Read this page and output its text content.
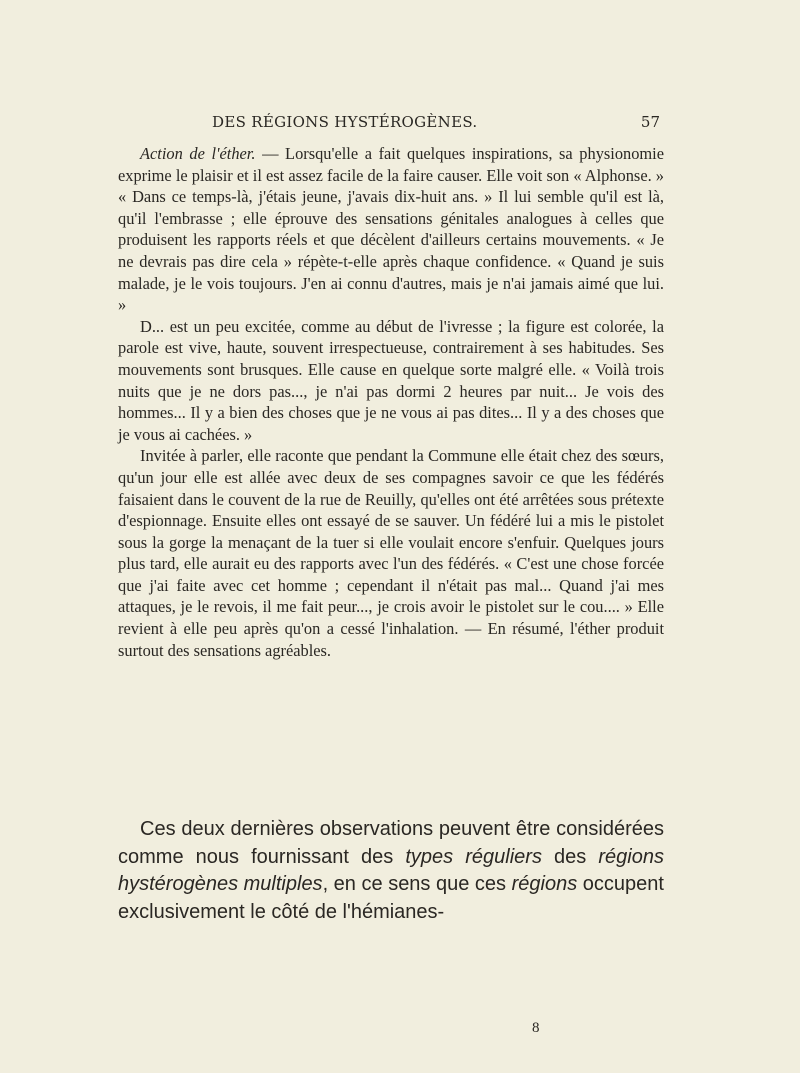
DES RÉGIONS HYSTÉROGÈNES.	57

Action de l'éther. — Lorsqu'elle a fait quelques inspirations, sa physionomie exprime le plaisir et il est assez facile de la faire causer. Elle voit son « Alphonse. » « Dans ce temps-là, j'étais jeune, j'avais dix-huit ans. » Il lui semble qu'il est là, qu'il l'embrasse ; elle éprouve des sensations génitales analogues à celles que produisent les rapports réels et que décèlent d'ailleurs certains mouvements. « Je ne devrais pas dire cela » répète-t-elle après chaque confidence. « Quand je suis malade, je le vois toujours. J'en ai connu d'autres, mais je n'ai jamais aimé que lui. »

D... est un peu excitée, comme au début de l'ivresse ; la figure est colorée, la parole est vive, haute, souvent irrespectueuse, contrairement à ses habitudes. Ses mouvements sont brusques. Elle cause en quelque sorte malgré elle. « Voilà trois nuits que je ne dors pas..., je n'ai pas dormi 2 heures par nuit... Je vois des hommes... Il y a bien des choses que je ne vous ai pas dites... Il y a des choses que je vous ai cachées. »

Invitée à parler, elle raconte que pendant la Commune elle était chez des sœurs, qu'un jour elle est allée avec deux de ses compagnes savoir ce que les fédérés faisaient dans le couvent de la rue de Reuilly, qu'elles ont été arrêtées sous prétexte d'espionnage. Ensuite elles ont essayé de se sauver. Un fédéré lui a mis le pistolet sous la gorge la menaçant de la tuer si elle voulait encore s'enfuir. Quelques jours plus tard, elle aurait eu des rapports avec l'un des fédérés. « C'est une chose forcée que j'ai faite avec cet homme ; cependant il n'était pas mal... Quand j'ai mes attaques, je le revois, il me fait peur..., je crois avoir le pistolet sur le cou.... » Elle revient à elle peu après qu'on a cessé l'inhalation. — En résumé, l'éther produit surtout des sensations agréables.

Ces deux dernières observations peuvent être considérées comme nous fournissant des types réguliers des régions hystérogènes multiples, en ce sens que ces régions occupent exclusivement le côté de l'hémianes-

8
